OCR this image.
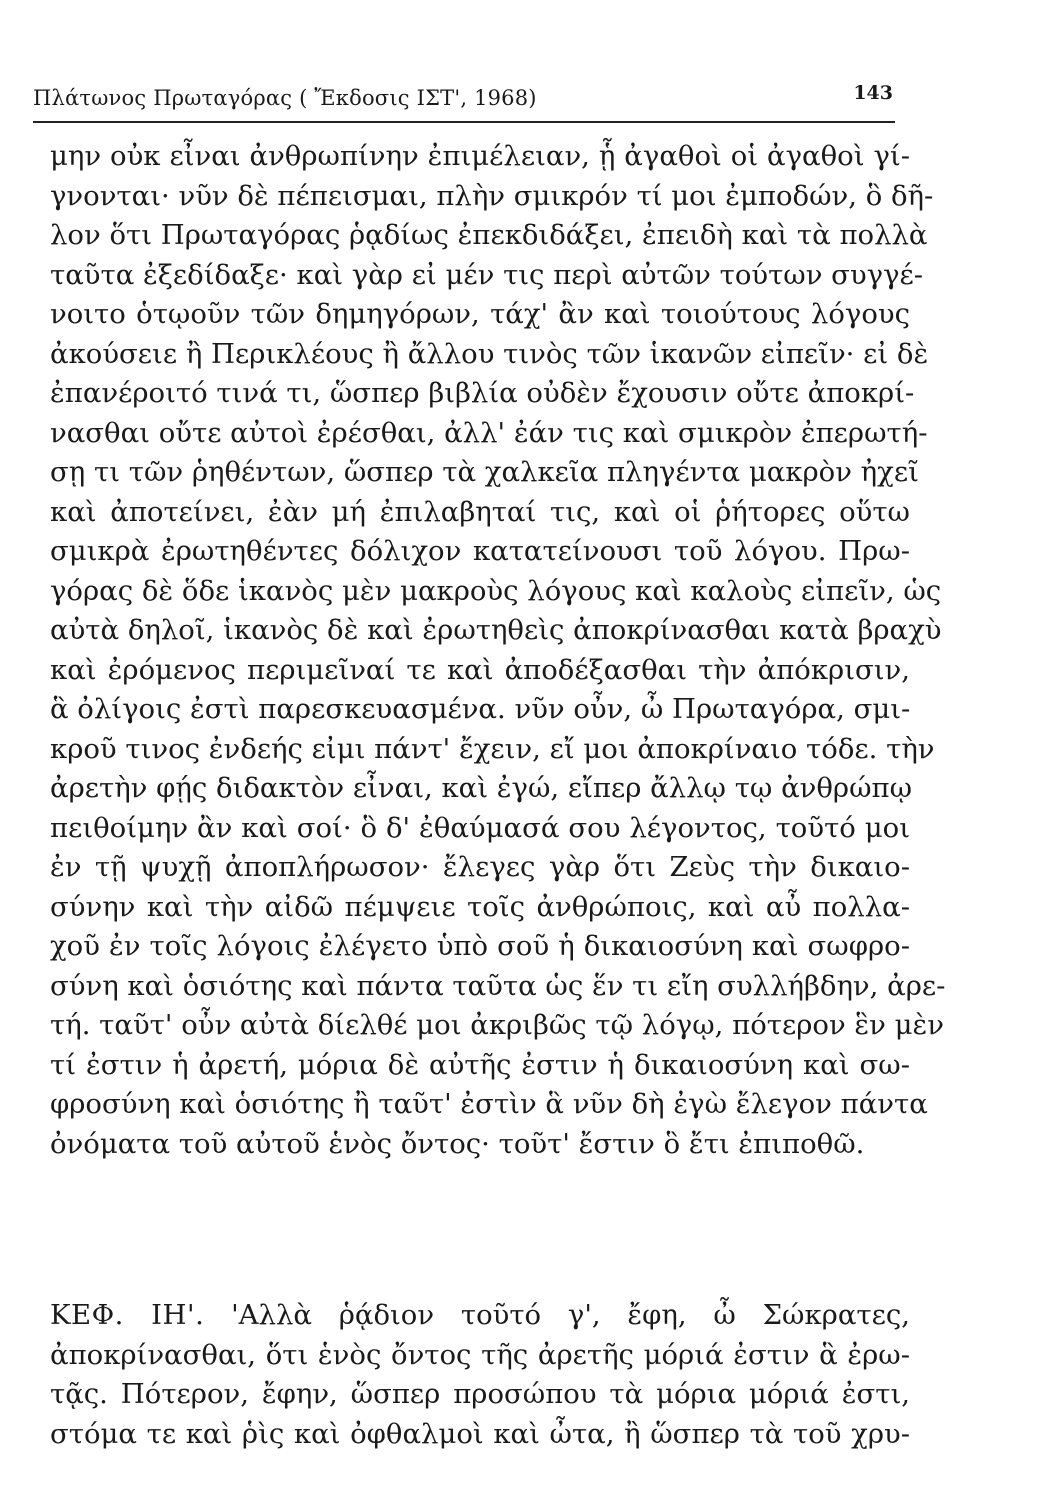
Πλάτωνος Πρωταγόρας ( Ἔκδοσις ΙΣΤ', 1968)	143
μην οὐκ εἶναι ἀνθρωπίνην ἐπιμέλειαν, ᾗ ἀγαθοὶ οἱ ἀγαθοὶ γί-
γνονται· νῦν δὲ πέπεισμαι, πλὴν σμικρόν τί μοι ἐμποδών, ὃ δῆ-
λον ὅτι Πρωταγόρας ῥᾳδίως ἐπεκδιδάξει, ἐπειδὴ καὶ τὰ πολλὰ
ταῦτα ἐξεδίδαξε· καὶ γὰρ εἰ μέν τις περὶ αὐτῶν τούτων συγγέ-
νοιτο ὁτῳοῦν τῶν δημηγόρων, τάχ' ἂν καὶ τοιούτους λόγους
ἀκούσειε ἢ Περικλέους ἢ ἄλλου τινὸς τῶν ἱκανῶν εἰπεῖν· εἰ δὲ
ἐπανέροιτό τινά τι, ὥσπερ βιβλία οὐδὲν ἔχουσιν οὔτε ἀποκρί-
νασθαι οὔτε αὐτοὶ ἐρέσθαι, ἀλλ' ἐάν τις καὶ σμικρὸν ἐπερωτή-
σῃ τι τῶν ῥηθέντων, ὥσπερ τὰ χαλκεῖα πληγέντα μακρὸν ἠχεῖ
καὶ ἀποτείνει, ἐὰν μή ἐπιλαβηταί τις, καὶ οἱ ῥήτορες οὕτω
σμικρὰ ἐρωτηθέντες δόλιχον κατατείνουσι τοῦ λόγου. Πρω-
γόρας δὲ ὅδε ἱκανὸς μὲν μακροὺς λόγους καὶ καλοὺς εἰπεῖν, ὡς
αὐτὰ δηλοῖ, ἱκανὸς δὲ καὶ ἐρωτηθεὶς ἀποκρίνασθαι κατὰ βραχὺ
καὶ ἐρόμενος περιμεῖναί τε καὶ ἀποδέξασθαι τὴν ἀπόκρισιν,
ἃ ὀλίγοις ἐστὶ παρεσκευασμένα. νῦν οὖν, ὦ Πρωταγόρα, σμι-
κροῦ τινος ἐνδεής εἰμι πάντ' ἔχειν, εἴ μοι ἀποκρίναιο τόδε. τὴν
ἀρετὴν φῄς διδακτὸν εἶναι, καὶ ἐγώ, εἴπερ ἄλλῳ τῳ ἀνθρώπῳ
πειθοίμην ἂν καὶ σοί· ὃ δ' ἐθαύμασά σου λέγοντος, τοῦτό μοι
ἐν τῇ ψυχῇ ἀποπλήρωσον· ἔλεγες γὰρ ὅτι Ζεὺς τὴν δικαιο-
σύνην καὶ τὴν αἰδῶ πέμψειε τοῖς ἀνθρώποις, καὶ αὖ πολλα-
χοῦ ἐν τοῖς λόγοις ἐλέγετο ὑπὸ σοῦ ἡ δικαιοσύνη καὶ σωφρο-
σύνη καὶ ὁσιότης καὶ πάντα ταῦτα ὡς ἕν τι εἴη συλλήβδην, ἀρε-
τή. ταῦτ' οὖν αὐτὰ δίελθέ μοι ἀκριβῶς τῷ λόγῳ, πότερον ἓν μὲν
τί ἐστιν ἡ ἀρετή, μόρια δὲ αὐτῆς ἐστιν ἡ δικαιοσύνη καὶ σω-
φροσύνη καὶ ὁσιότης ἢ ταῦτ' ἐστὶν ἃ νῦν δὴ ἐγὼ ἔλεγον πάντα
ὀνόματα τοῦ αὐτοῦ ἑνὸς ὄντος· τοῦτ' ἔστιν ὃ ἔτι ἐπιποθῶ.
ΚΕΦ. ΙΗ'. 'Αλλὰ ῥᾴδιον τοῦτό γ', ἔφη, ὦ Σώκρατες,
ἀποκρίνασθαι, ὅτι ἑνὸς ὄντος τῆς ἀρετῆς μόριά ἐστιν ἃ ἐρω-
τᾷς. Πότερον, ἔφην, ὥσπερ προσώπου τὰ μόρια μόριά ἐστι,
στόμα τε καὶ ῥὶς καὶ ὀφθαλμοὶ καὶ ὦτα, ἢ ὥσπερ τὰ τοῦ χρυ-
